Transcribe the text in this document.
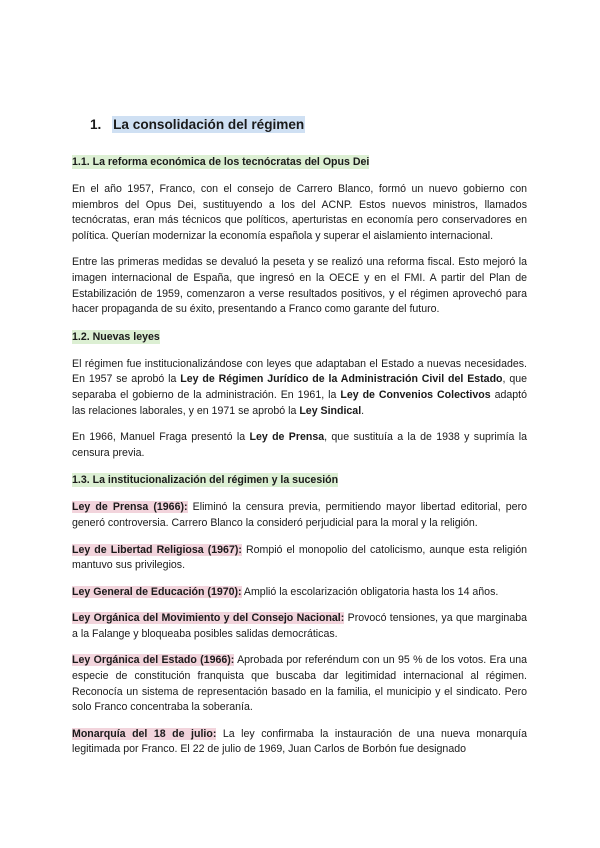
1. La consolidación del régimen
1.1. La reforma económica de los tecnócratas del Opus Dei

En el año 1957, Franco, con el consejo de Carrero Blanco, formó un nuevo gobierno con miembros del Opus Dei, sustituyendo a los del ACNP. Estos nuevos ministros, llamados tecnócratas, eran más técnicos que políticos, aperturistas en economía pero conservadores en política. Querían modernizar la economía española y superar el aislamiento internacional.

Entre las primeras medidas se devaluó la peseta y se realizó una reforma fiscal. Esto mejoró la imagen internacional de España, que ingresó en la OECE y en el FMI. A partir del Plan de Estabilización de 1959, comenzaron a verse resultados positivos, y el régimen aprovechó para hacer propaganda de su éxito, presentando a Franco como garante del futuro.

1.2. Nuevas leyes

El régimen fue institucionalizándose con leyes que adaptaban el Estado a nuevas necesidades. En 1957 se aprobó la Ley de Régimen Jurídico de la Administración Civil del Estado, que separaba el gobierno de la administración. En 1961, la Ley de Convenios Colectivos adaptó las relaciones laborales, y en 1971 se aprobó la Ley Sindical.

En 1966, Manuel Fraga presentó la Ley de Prensa, que sustituía a la de 1938 y suprimía la censura previa.

1.3. La institucionalización del régimen y la sucesión

Ley de Prensa (1966): Eliminó la censura previa, permitiendo mayor libertad editorial, pero generó controversia. Carrero Blanco la consideró perjudicial para la moral y la religión.

Ley de Libertad Religiosa (1967): Rompió el monopolio del catolicismo, aunque esta religión mantuvo sus privilegios.

Ley General de Educación (1970): Amplió la escolarización obligatoria hasta los 14 años.

Ley Orgánica del Movimiento y del Consejo Nacional: Provocó tensiones, ya que marginaba a la Falange y bloqueaba posibles salidas democráticas.

Ley Orgánica del Estado (1966): Aprobada por referéndum con un 95 % de los votos. Era una especie de constitución franquista que buscaba dar legitimidad internacional al régimen. Reconocía un sistema de representación basado en la familia, el municipio y el sindicato. Pero solo Franco concentraba la soberanía.

Monarquía del 18 de julio: La ley confirmaba la instauración de una nueva monarquía legitimada por Franco. El 22 de julio de 1969, Juan Carlos de Borbón fue designado
